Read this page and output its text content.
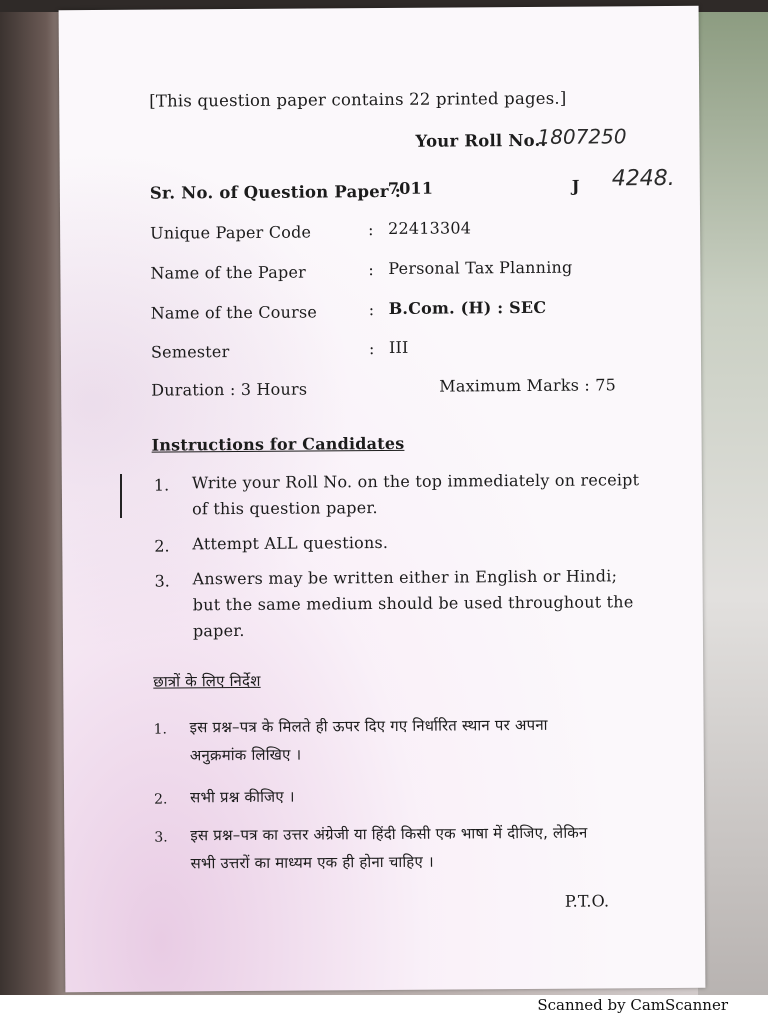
[This question paper contains 22 printed pages.]
Your Roll No..
1807250
Sr. No. of Question Paper :
7011	J 4248.
Unique Paper Code	: 22413304
Name of the Paper	: Personal Tax Planning
Name of the Course	: B.Com. (H) : SEC
Semester	: III
Duration : 3 Hours	Maximum Marks : 75
Instructions for Candidates
1. Write your Roll No. on the top immediately on receipt
of this question paper.
2. Attempt ALL questions.
3. Answers may be written either in English or Hindi;
but the same medium should be used throughout the
paper.
छात्रों के लिए निर्देश
1. इस प्रश्न–पत्र के मिलते ही ऊपर दिए गए निर्धारित स्थान पर अपना
अनुक्रमांक लिखिए ।
2. सभी प्रश्न कीजिए ।
3. इस प्रश्न–पत्र का उत्तर अंग्रेजी या हिंदी किसी एक भाषा में दीजिए, लेकिन
सभी उत्तरों का माध्यम एक ही होना चाहिए ।
P.T.O.
Scanned by CamScanner
